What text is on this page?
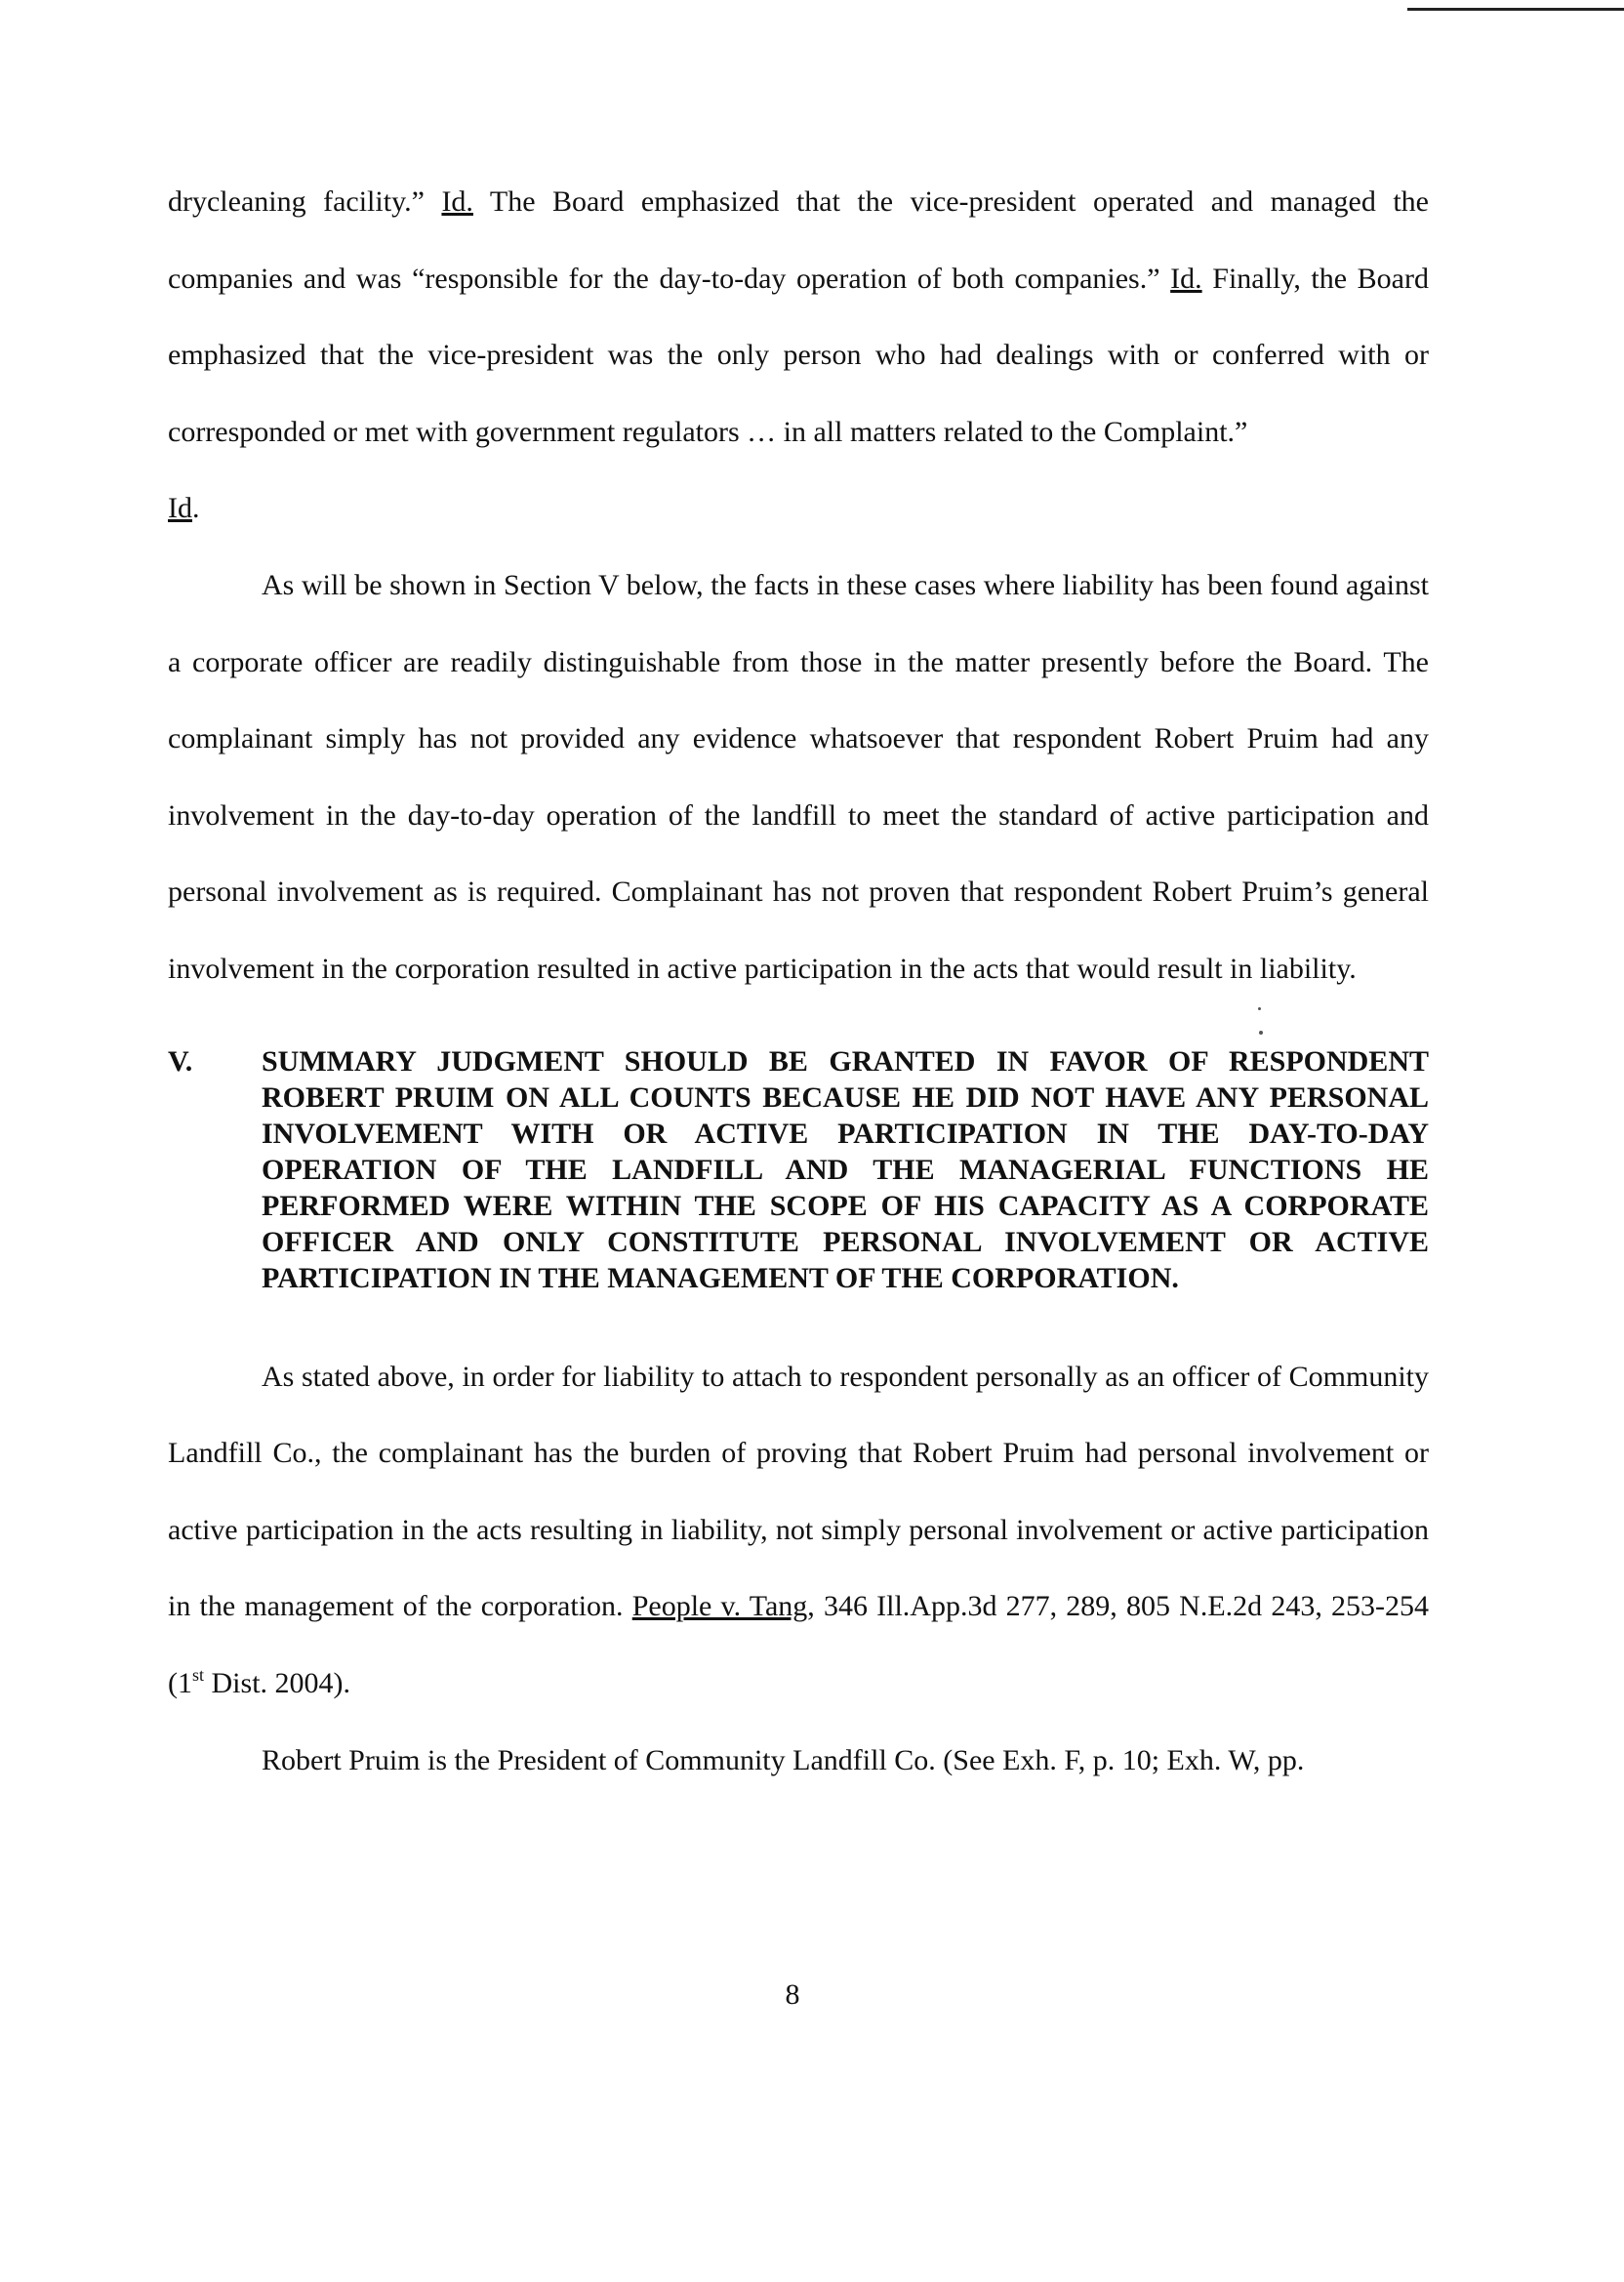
drycleaning facility.” Id. The Board emphasized that the vice-president operated and managed the companies and was “responsible for the day-to-day operation of both companies.” Id. Finally, the Board emphasized that the vice-president was the only person who had dealings with or conferred with or corresponded or met with government regulators … in all matters related to the Complaint.”
Id.

As will be shown in Section V below, the facts in these cases where liability has been found against a corporate officer are readily distinguishable from those in the matter presently before the Board. The complainant simply has not provided any evidence whatsoever that respondent Robert Pruim had any involvement in the day-to-day operation of the landfill to meet the standard of active participation and personal involvement as is required. Complainant has not proven that respondent Robert Pruim’s general involvement in the corporation resulted in active participation in the acts that would result in liability.

V.	SUMMARY JUDGMENT SHOULD BE GRANTED IN FAVOR OF RESPONDENT ROBERT PRUIM ON ALL COUNTS BECAUSE HE DID NOT HAVE ANY PERSONAL INVOLVEMENT WITH OR ACTIVE PARTICIPATION IN THE DAY-TO-DAY OPERATION OF THE LANDFILL AND THE MANAGERIAL FUNCTIONS HE PERFORMED WERE WITHIN THE SCOPE OF HIS CAPACITY AS A CORPORATE OFFICER AND ONLY CONSTITUTE PERSONAL INVOLVEMENT OR ACTIVE PARTICIPATION IN THE MANAGEMENT OF THE CORPORATION.

As stated above, in order for liability to attach to respondent personally as an officer of Community Landfill Co., the complainant has the burden of proving that Robert Pruim had personal involvement or active participation in the acts resulting in liability, not simply personal involvement or active participation in the management of the corporation. People v. Tang, 346 Ill.App.3d 277, 289, 805 N.E.2d 243, 253-254 (1st Dist. 2004).

Robert Pruim is the President of Community Landfill Co. (See Exh. F, p. 10; Exh. W, pp.

8
